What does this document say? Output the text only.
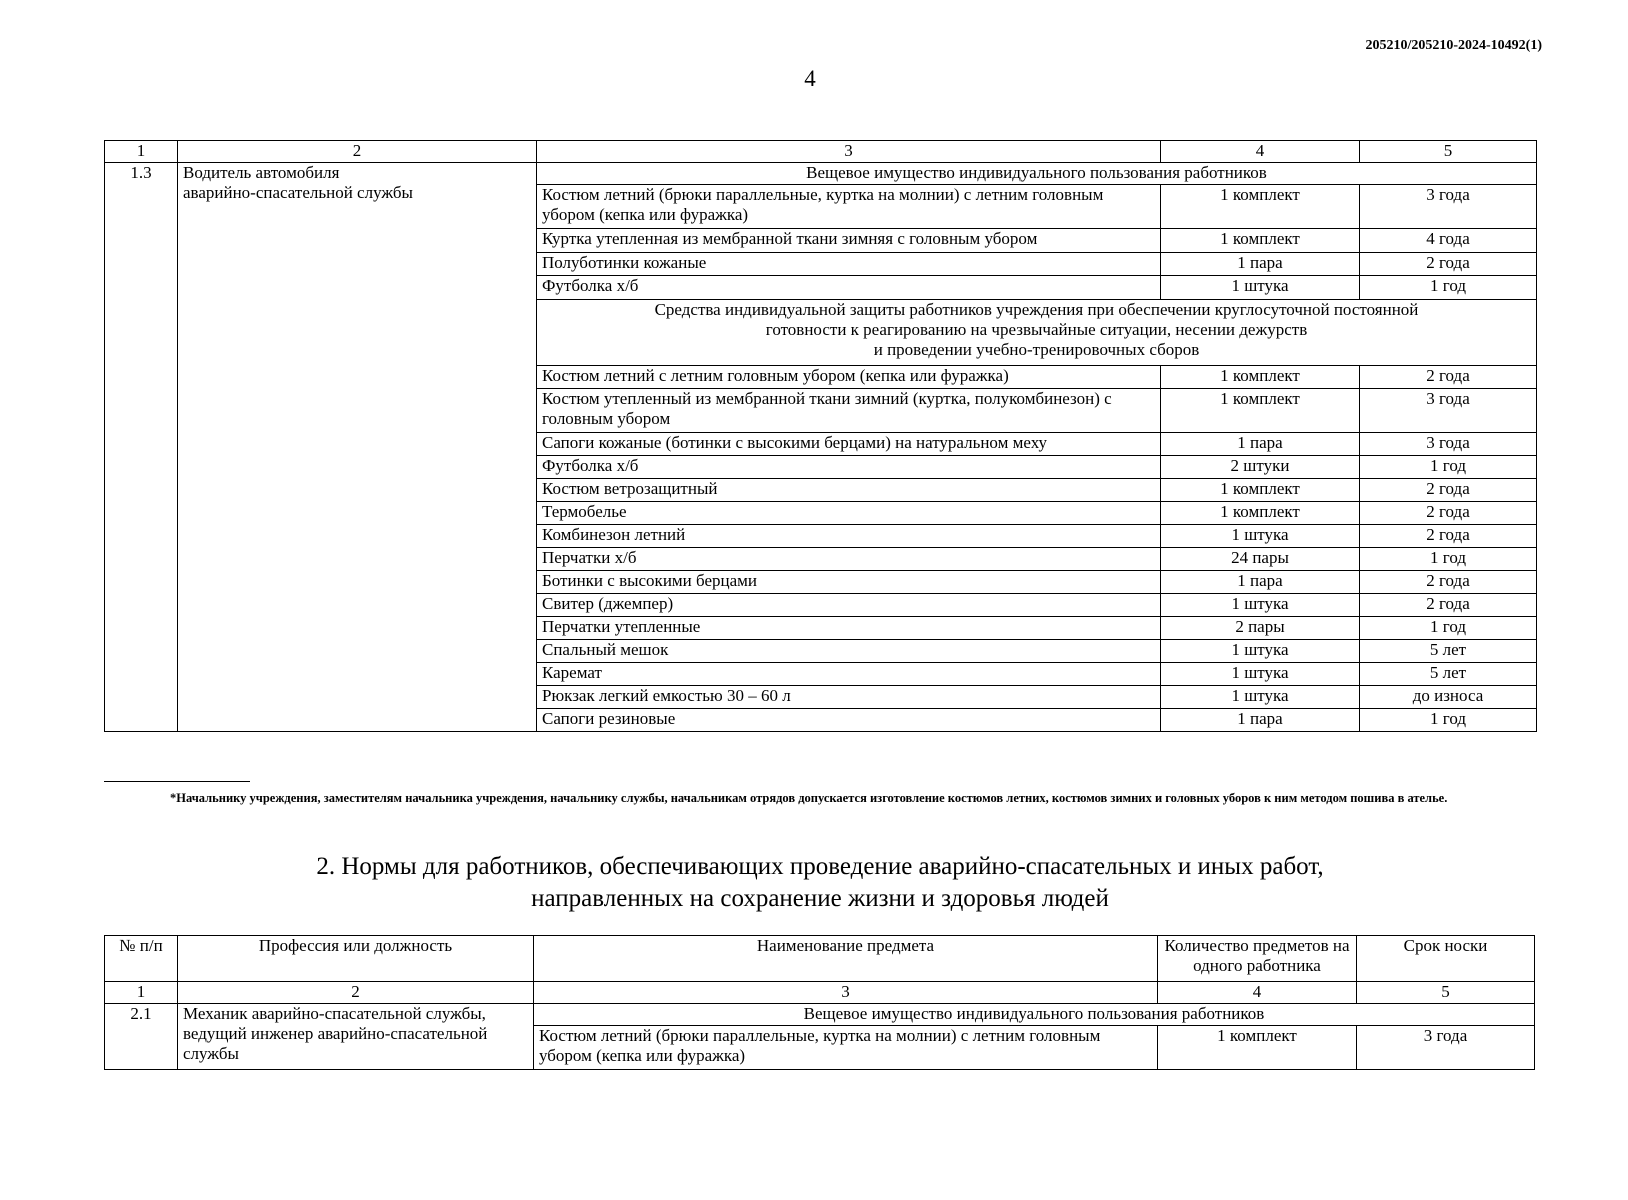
205210/205210-2024-10492(1)
4
1	2	3	4	5
1.3	Водитель автомобиля
аварийно-спасательной службы	Вещевое имущество индивидуального пользования работников		
		Костюм летний (брюки параллельные, куртка на молнии) с летним головным убором (кепка или фуражка)	1 комплект	3 года
		Куртка утепленная из мембранной ткани зимняя с головным убором	1 комплект	4 года
		Полуботинки кожаные	1 пара	2 года
		Футболка х/б	1 штука	1 год

		Средства индивидуальной защиты работников учреждения при обеспечении круглосуточной постоянной
готовности к реагированию на чрезвычайные ситуации, несении дежурств
и проведении учебно-тренировочных сборов		

		Костюм летний с летним головным убором (кепка или фуражка)	1 комплект	2 года
		Костюм утепленный из мембранной ткани зимний (куртка, полукомбинезон) с головным убором	1 комплект	3 года
		Сапоги кожаные (ботинки с высокими берцами) на натуральном меху	1 пара	3 года
		Футболка х/б	2 штуки	1 год
		Костюм ветрозащитный	1 комплект	2 года
		Термобелье	1 комплект	2 года
		Комбинезон летний	1 штука	2 года
		Перчатки х/б	24 пары	1 год
		Ботинки с высокими берцами	1 пара	2 года
		Свитер (джемпер)	1 штука	2 года
		Перчатки утепленные	2 пары	1 год
		Спальный мешок	1 штука	5 лет
		Каремат	1 штука	5 лет
		Рюкзак легкий емкостью 30 – 60 л	1 штука	до износа
		Сапоги резиновые	1 пара	1 год
*Начальнику учреждения, заместителям начальника учреждения, начальнику службы, начальникам отрядов допускается изготовление костюмов летних, костюмов зимних и головных уборов к ним методом пошива в ателье.
2. Нормы для работников, обеспечивающих проведение аварийно-спасательных и иных работ,
направленных на сохранение жизни и здоровья людей
№ п/п	Профессия или должность	Наименование предмета	Количество предметов на одного работника	Срок носки
1	2	3	4	5
2.1	Механик аварийно-спасательной службы, ведущий инженер аварийно-спасательной службы	Вещевое имущество индивидуального пользования работников		
		Костюм летний (брюки параллельные, куртка на молнии) с летним головным убором (кепка или фуражка)	1 комплект	3 года
